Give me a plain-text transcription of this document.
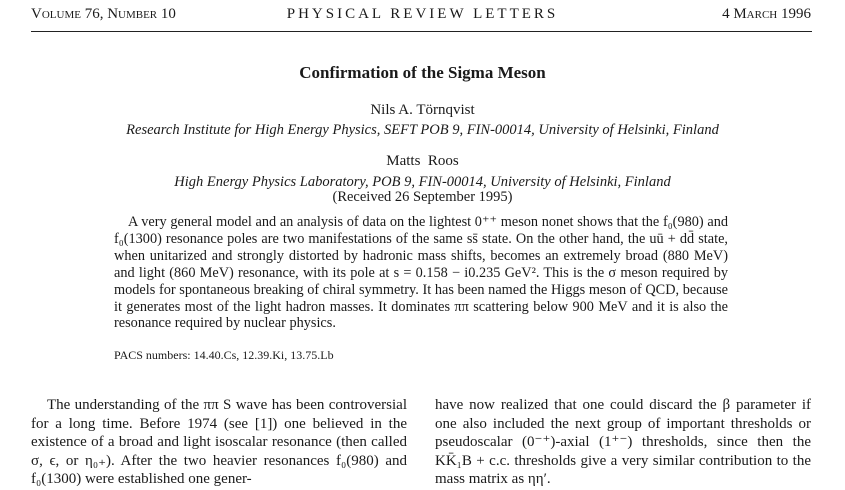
Volume 76, Number 10	PHYSICAL REVIEW LETTERS	4 March 1996
Confirmation of the Sigma Meson
Nils A. Törnqvist
Research Institute for High Energy Physics, SEFT POB 9, FIN-00014, University of Helsinki, Finland
Matts  Roos
High Energy Physics Laboratory, POB 9, FIN-00014, University of Helsinki, Finland
(Received 26 September 1995)
A very general model and an analysis of data on the lightest 0⁺⁺ meson nonet shows that the f₀(980) and f₀(1300) resonance poles are two manifestations of the same ss̄ state. On the other hand, the uū + dd̄ state, when unitarized and strongly distorted by hadronic mass shifts, becomes an extremely broad (880 MeV) and light (860 MeV) resonance, with its pole at s = 0.158 − i0.235 GeV². This is the σ meson required by models for spontaneous breaking of chiral symmetry. It has been named the Higgs meson of QCD, because it generates most of the light hadron masses. It dominates ππ scattering below 900 MeV and it is also the resonance required by nuclear physics.
PACS numbers: 14.40.Cs, 12.39.Ki, 13.75.Lb
The understanding of the ππ S wave has been controversial for a long time. Before 1974 (see [1]) one believed in the existence of a broad and light isoscalar resonance (then called σ, ϵ, or η₀₊). After the two heavier resonances f₀(980) and f₀(1300) were established one gener-
have now realized that one could discard the β parameter if one also included the next group of important thresholds or pseudoscalar (0⁻⁺)-axial (1⁺⁻) thresholds, since then the KK̄₁B + c.c. thresholds give a very similar contribution to the mass matrix as ηη′.
